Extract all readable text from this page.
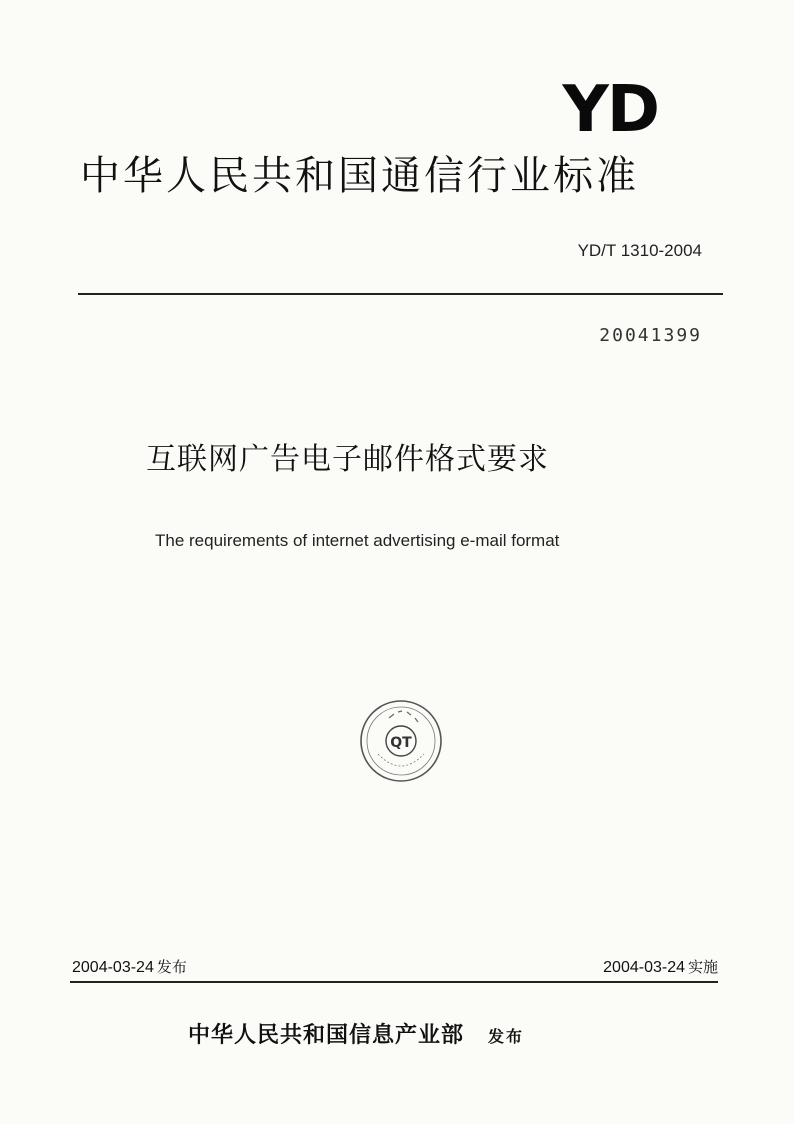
YD
中华人民共和国通信行业标准
YD/T 1310-2004
20041399
互联网广告电子邮件格式要求
The requirements of internet advertising e-mail format
QT
2004-03-24 发布	2004-03-24 实施
中华人民共和国信息产业部 发布
